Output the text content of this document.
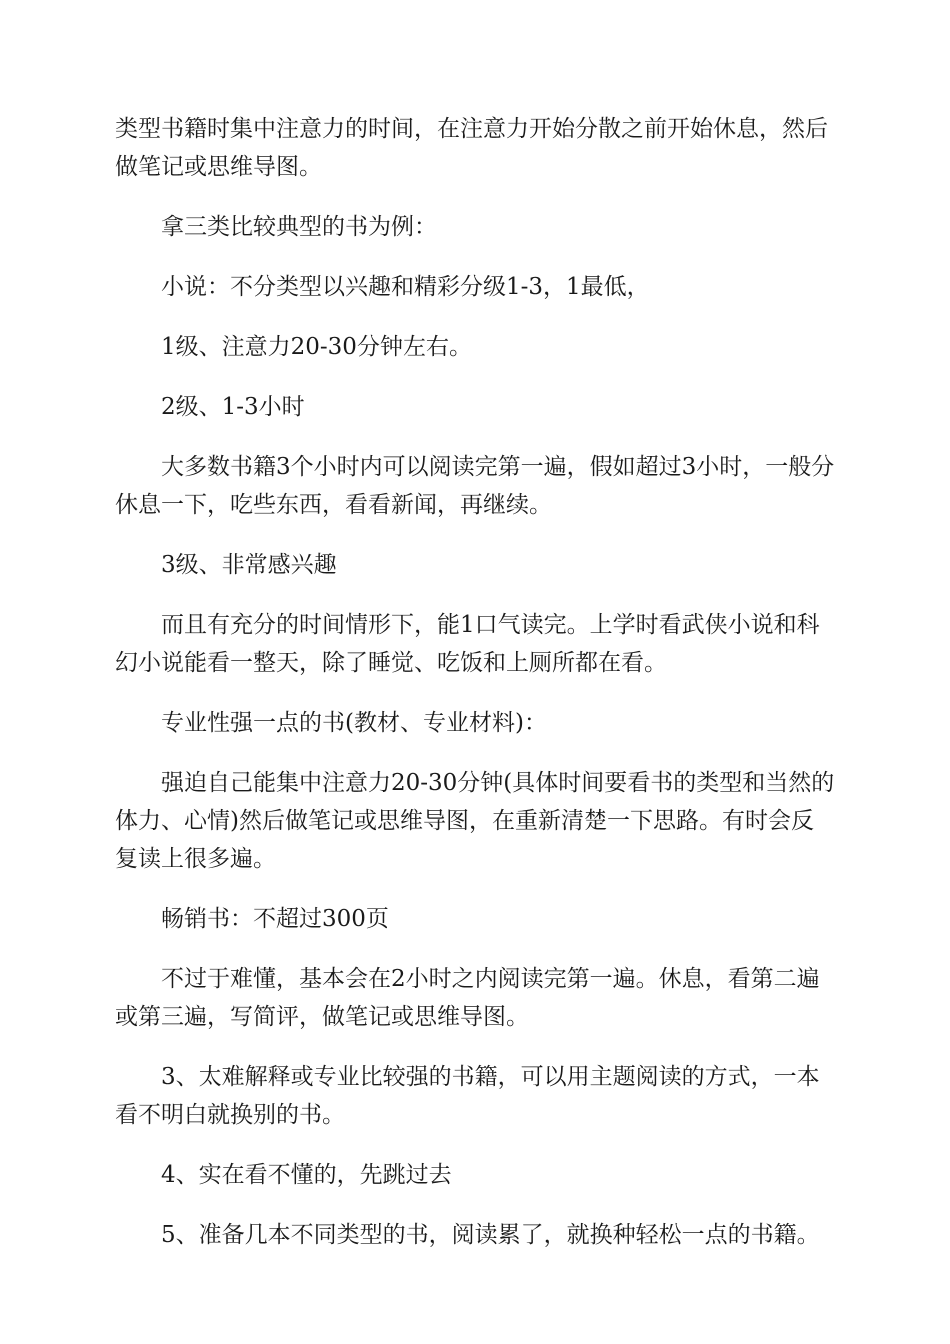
类型书籍时集中注意力的时间，在注意力开始分散之前开始休息，然后做笔记或思维导图。

拿三类比较典型的书为例：

小说：不分类型以兴趣和精彩分级1-3，1最低，

1级、注意力20-30分钟左右。

2级、1-3小时

大多数书籍3个小时内可以阅读完第一遍，假如超过3小时，一般分休息一下，吃些东西，看看新闻，再继续。

3级、非常感兴趣

而且有充分的时间情形下，能1口气读完。上学时看武侠小说和科幻小说能看一整天，除了睡觉、吃饭和上厕所都在看。

专业性强一点的书(教材、专业材料)：

强迫自己能集中注意力20-30分钟(具体时间要看书的类型和当然的体力、心情)然后做笔记或思维导图，在重新清楚一下思路。有时会反复读上很多遍。

畅销书：不超过300页

不过于难懂，基本会在2小时之内阅读完第一遍。休息，看第二遍或第三遍，写简评，做笔记或思维导图。

3、太难解释或专业比较强的书籍，可以用主题阅读的方式，一本看不明白就换别的书。

4、实在看不懂的，先跳过去

5、准备几本不同类型的书，阅读累了，就换种轻松一点的书籍。
